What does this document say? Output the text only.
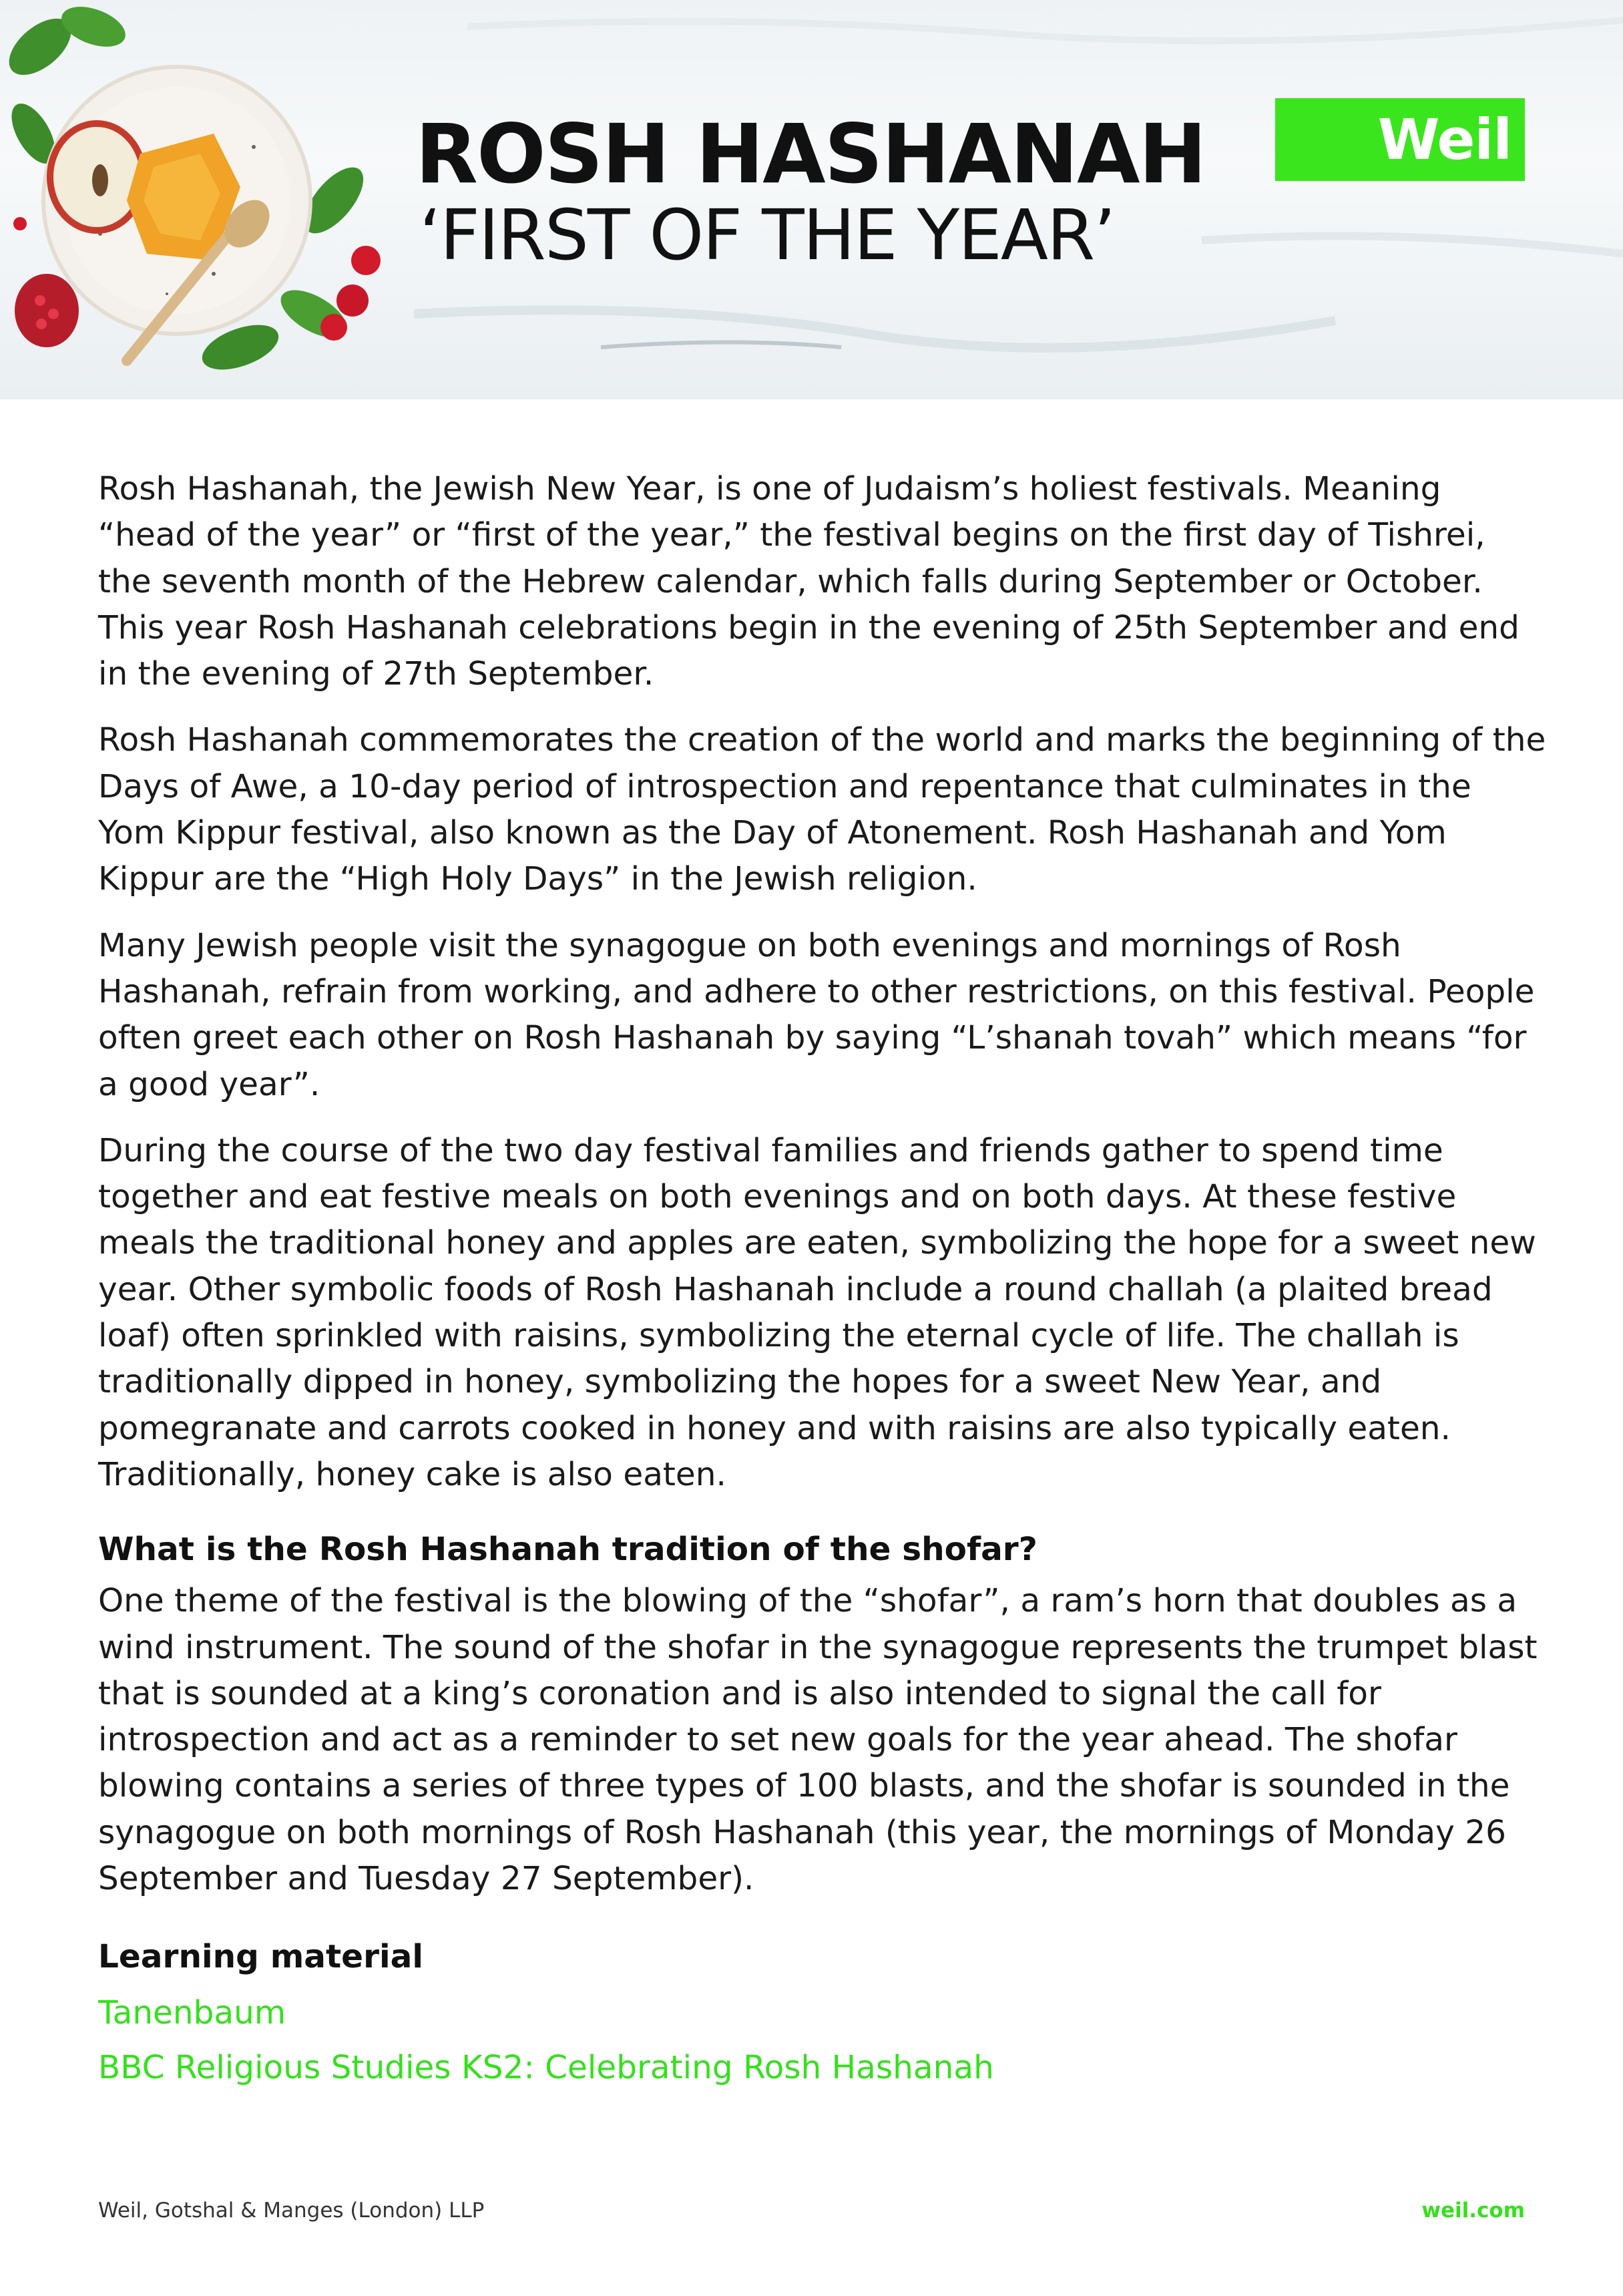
ROSH HASHANAH
‘FIRST OF THE YEAR’
Weil

Rosh Hashanah, the Jewish New Year, is one of Judaism’s holiest festivals. Meaning “head of the year” or “first of the year,” the festival begins on the first day of Tishrei, the seventh month of the Hebrew calendar, which falls during September or October. This year Rosh Hashanah celebrations begin in the evening of 25th September and end in the evening of 27th September.

Rosh Hashanah commemorates the creation of the world and marks the beginning of the Days of Awe, a 10-day period of introspection and repentance that culminates in the Yom Kippur festival, also known as the Day of Atonement. Rosh Hashanah and Yom Kippur are the “High Holy Days” in the Jewish religion.

Many Jewish people visit the synagogue on both evenings and mornings of Rosh Hashanah, refrain from working, and adhere to other restrictions, on this festival. People often greet each other on Rosh Hashanah by saying “L’shanah tovah” which means “for a good year”.

During the course of the two day festival families and friends gather to spend time together and eat festive meals on both evenings and on both days. At these festive meals the traditional honey and apples are eaten, symbolizing the hope for a sweet new year. Other symbolic foods of Rosh Hashanah include a round challah (a plaited bread loaf) often sprinkled with raisins, symbolizing the eternal cycle of life. The challah is traditionally dipped in honey, symbolizing the hopes for a sweet New Year, and pomegranate and carrots cooked in honey and with raisins are also typically eaten. Traditionally, honey cake is also eaten.

What is the Rosh Hashanah tradition of the shofar?

One theme of the festival is the blowing of the “shofar”, a ram’s horn that doubles as a wind instrument. The sound of the shofar in the synagogue represents the trumpet blast that is sounded at a king’s coronation and is also intended to signal the call for introspection and act as a reminder to set new goals for the year ahead. The shofar blowing contains a series of three types of 100 blasts, and the shofar is sounded in the synagogue on both mornings of Rosh Hashanah (this year, the mornings of Monday 26 September and Tuesday 27 September).

Learning material
Tanenbaum
BBC Religious Studies KS2: Celebrating Rosh Hashanah
Weil, Gotshal & Manges (London) LLP	weil.com
